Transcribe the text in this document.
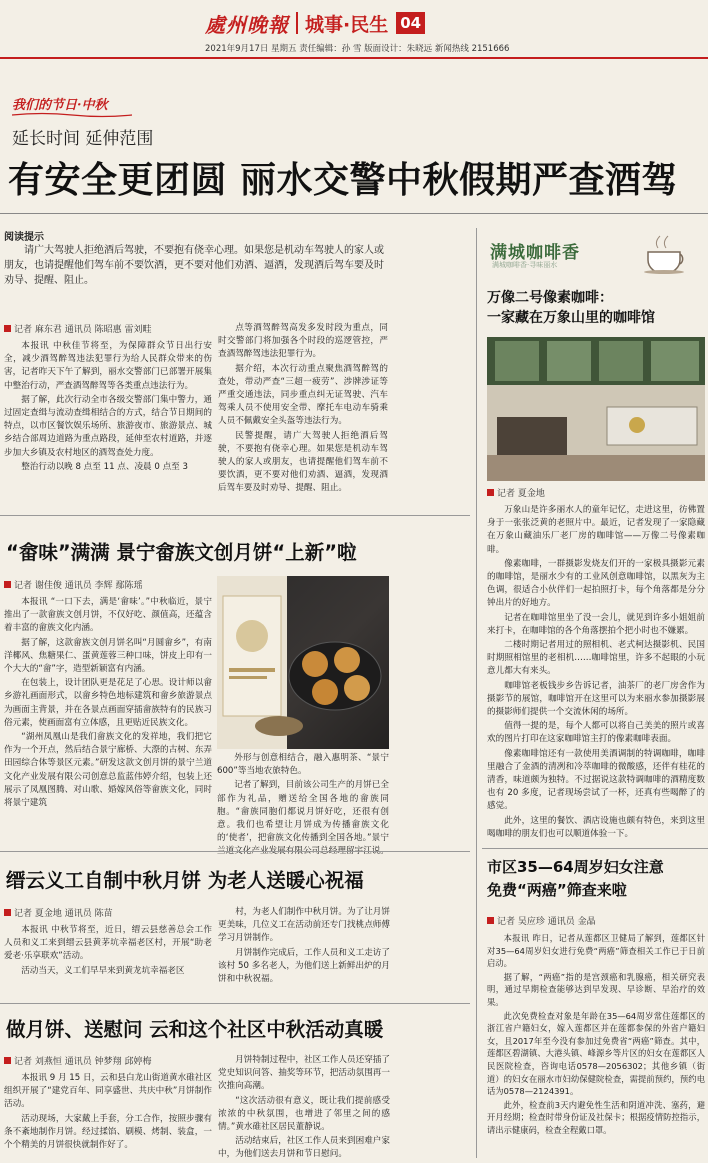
處州晚報 城事·民生 04
2021年9月17日 星期五 责任编辑：孙 雪 版面设计：朱晓远 新闻热线 2151666
我们的节日·中秋
延长时间 延伸范围
有安全更团圆 丽水交警中秋假期严查酒驾
阅读提示
请广大驾驶人拒绝酒后驾驶，不要抱有侥幸心理。如果您是机动车驾驶人的家人或朋友，也请提醒他们驾车前不要饮酒，更不要对他们劝酒、逼酒，发现酒后驾车要及时劝导、提醒、阻止。
记者 麻东君 通讯员 陈昭惠 雷刘畦

本报讯 中秋佳节将至，为保障群众节日出行安全，减少酒驾醉驾违法犯罪行为给人民群众带来的伤害，记者昨天下午了解到，丽水交警部门已部署开展集中整治行动，严查酒驾醉驾等各类重点违法行为。

据了解，此次行动全市各级交警部门集中警力，通过固定查缉与流动查缉相结合的方式，结合节日期间的特点，以市区餐饮娱乐场所、旅游夜市、旅游景点、城乡结合部周边道路为重点路段，延伸至农村道路，并逐步加大乡镇及农村地区的酒驾查处力度。

整治行动以晚 8 点至 11 点、凌晨 0 点至 3

点等酒驾醉驾高发多发时段为重点，同时交警部门将加强各个时段的巡逻管控，严查酒驾醉驾违法犯罪行为。

据介绍，本次行动重点聚焦酒驾醉驾的查处，带动严查“三超一疲劳”、涉牌涉证等严重交通违法，同步重点纠无证驾驶、汽车驾乘人员不使用安全带、摩托车电动车骑乘人员不佩戴安全头盔等违法行为。

民警提醒，请广大驾驶人拒绝酒后驾驶，不要抱有侥幸心理。如果您是机动车驾驶人的家人或朋友，也请提醒他们驾车前不要饮酒，更不要对他们劝酒、逼酒，发现酒后驾车要及时劝导、提醒、阻止。

“畲味”满满 景宁畲族文创月饼“上新”啦
记者 谢佳俊 通讯员 李辉 鄢陈瑶

本报讯 “一口下去，满是‘畲味’。”中秋临近，景宁推出了一款畲族文创月饼，不仅好吃、颜值高，还蕴含着丰富的畲族文化内涵。

据了解，这款畲族文创月饼名叫“月圆畲乡”，有南洋椰风、焦糖果仁、蛋黄莲蓉三种口味，饼皮上印有一个大大的“畲”字，造型新颖富有内涵。

在包装上，设计团队更是花足了心思。设计师以畲乡游礼画面形式，以畲乡特色地标建筑和畲乡旅游景点为画面主背景，并在各景点画面穿插畲族特有的民族习俗元素，使画面富有立体感，且更贴近民族文化。

“湖州凤凰山是我们畲族文化的发祥地，我们把它作为一个开点，然后结合景宁廊桥、大漈的古树、东弄田园综合体等景区元素。”研发这款文创月饼的景宁兰道文化产业发展有限公司创意总监蓝伟婷介绍，包装上还展示了凤凰图腾、对山歌、婚嫁风俗等畲族文化，同时将景宁建筑

外形与创意相结合，融入惠明茶、“景宁 600”等当地农旅特色。

记者了解到，目前该公司生产的月饼已全部作为礼品，赠送给全国各地的畲族同胞。“畲族同胞们都说月饼好吃，还很有创意。我们也希望让月饼成为传播畲族文化的‘使者’，把畲族文化传播到全国各地。”景宁

缙云义工自制中秋月饼 为老人送暖心祝福
记者 夏金地 通讯员 陈苗

本报讯 中秋节将至，近日，缙云县慈善总会工作人员和义工来到缙云县黄茅坑幸福老区村，开展“助老爱老·乐享联欢”活动。

活动当天，义工们早早来到黄龙坑幸福老区

村，为老人们制作中秋月饼。为了让月饼更美味，几位义工在活动前还专门找桃点师傅学习月饼制作。

月饼制作完成后，工作人员和义工走访了该村 50 多名老人，为他们送上新鲜出炉的月饼和中秋祝福。

做月饼、送慰问 云和这个社区中秋活动真暖
记者 刘燕恒 通讯员 钟梦翔 邱婷梅

本报讯 9 月 15 日，云和县白龙山街道黄水碓社区组织开展了“建党百年、同享盛世、共庆中秋”月饼制作活动。

活动现场，大家戴上手套，分工合作，按照步骤有条不紊地制作月饼。经过揉馅、刷模、烤制、装盒，一个个精美的月饼很快就制作好了。

月饼特制过程中，社区工作人员还穿插了党史知识问答、抽奖等环节，把活动氛围再一次推向高潮。

“这次活动很有意义，既让我们提前感受浓浓的中秋氛围，也增进了邻里之间的感情。”黄水碓社区居民董静说。

活动结束后，社区工作人员来到困难户家中，为他们送去月饼和节日慰问。

满城咖啡香
满城咖啡香·寻味丽水
万像二号像素咖啡：
一家藏在万象山里的咖啡馆
记者 夏金地

万象山是许多丽水人的童年记忆，走进这里，彷佛置身于一张张泛黄的老照片中。最近，记者发现了一家隐藏在万象山藏油乐厂老厂房的咖啡馆——万像二号像素咖啡。

像素咖啡，一群摄影发烧友们开的一家极具摄影元素的咖啡馆，是丽水少有的工业风创意咖啡馆，以黑灰为主色调，很适合小伙伴们一起拍照打卡，每个角落都是分分钟出片的好地方。

记者在咖啡馆里坐了没一会儿，就见到许多小姐姐前来打卡，在咖啡馆的各个角落摆拍个把小时也不嫌累。

二楼时期记者用过的照相机、老式柯达摄影机、民国时期照相馆里的老相机……咖啡馆里，许多不起眼的小玩意儿都大有来头。

咖啡馆老板钱步乡告诉记者，油茶厂的老厂房舍作为摄影节的展馆，咖啡馆开在这里可以为来丽水参加摄影展的摄影师们提供一个交流休闲的场所。

值得一提的是，每个人都可以将自己美美的照片或喜欢的图片打印在这家咖啡馆主打的像素咖啡表面。

像素咖啡馆还有一款使用美酒调制的特调咖啡，咖啡里融合了金酒的清冽和冷萃咖啡的微酸感，还伴有桂花的清香，味道颇为独特。不过据说这款特调咖啡的酒精度数也有 20 多度，记者现场尝试了一杯，还真有些喝醉了的感觉。

此外，这里的餐饮、酒店设施也颇有特色，来到这里喝咖啡的朋友们也可以顺道体验一下。

市区35—64周岁妇女注意
免费“两癌”筛查来啦
记者 吴应珍 通讯员 金晶

本报讯 昨日，记者从莲都区卫健局了解到，莲都区针对35—64周岁妇女进行免费“两癌”筛查相关工作已于日前启动。

据了解，“两癌”指的是宫颈癌和乳腺癌，相关研究表明，通过早期检查能够达到早发现、早诊断、早治疗的效果。

此次免费检查对象是年龄在35—64周岁常住莲都区的浙江省户籍妇女，嫁入莲都区并在莲都参保的外省户籍妇女，且2017年至今没有参加过免费省“两癌”筛查。其中，莲都区碧湖镇、大港头镇、峰源乡等片区的妇女在莲都区人民医院检查，咨询电话0578—2056302；其他乡镇（街道）的妇女在丽水市妇幼保健院检查，需提前预约，预约电话为0578—2124391。

此外，检查前3天内避免性生活和阴道冲洗、塞药，避开月经期；检查时带身份证及社保卡；根据疫情防控指示，请出示健康码，检查全程戴口罩。
